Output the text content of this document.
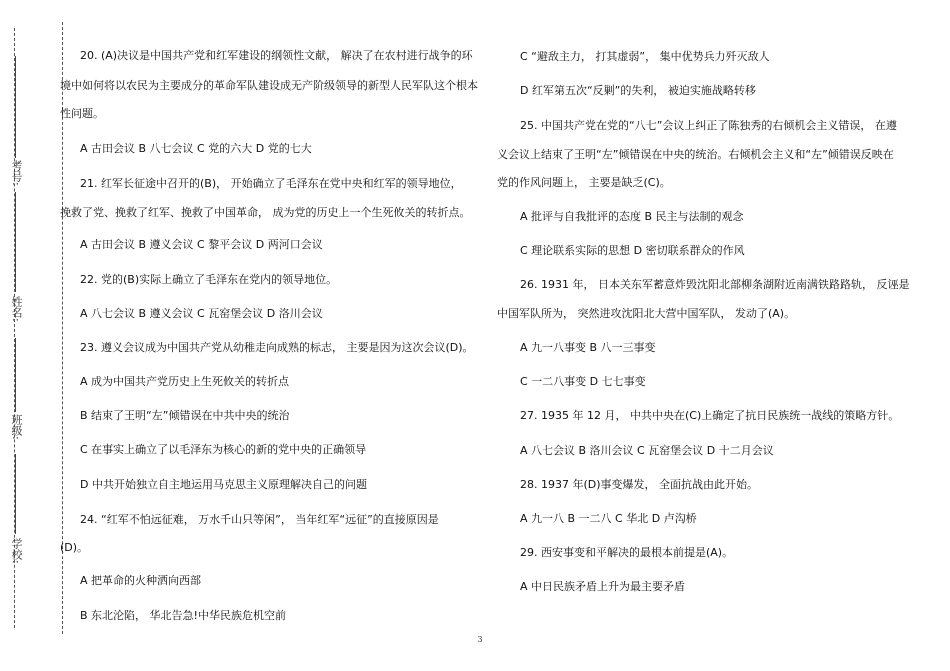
考号:
姓名:
班级:
学校:
20. (A)决议是中国共产党和红军建设的纲领性文献， 解决了在农村进行战争的环
境中如何将以农民为主要成分的革命军队建设成无产阶级领导的新型人民军队这个根本
性问题。
A 古田会议 B 八七会议 C 党的六大 D 党的七大
21. 红军长征途中召开的(B)， 开始确立了毛泽东在党中央和红军的领导地位，
挽救了党、挽救了红军、挽救了中国革命， 成为党的历史上一个生死攸关的转折点。
A 古田会议 B 遵义会议 C 黎平会议 D 两河口会议
22. 党的(B)实际上确立了毛泽东在党内的领导地位。
A 八七会议 B 遵义会议 C 瓦窑堡会议 D 洛川会议
23. 遵义会议成为中国共产党从幼稚走向成熟的标志， 主要是因为这次会议(D)。
A 成为中国共产党历史上生死攸关的转折点
B 结束了王明“左”倾错误在中共中央的统治
C 在事实上确立了以毛泽东为核心的新的党中央的正确领导
D 中共开始独立自主地运用马克思主义原理解决自己的问题
24. “红军不怕远征难， 万水千山只等闲”， 当年红军“远征”的直接原因是
(D)。
A 把革命的火种洒向西部
B 东北沦陷， 华北告急!中华民族危机空前
C “避敌主力， 打其虚弱”， 集中优势兵力歼灭敌人
D 红军第五次“反剿”的失利， 被迫实施战略转移
25. 中国共产党在党的“八七”会议上纠正了陈独秀的右倾机会主义错误， 在遵
义会议上结束了王明“左”倾错误在中央的统治。右倾机会主义和“左”倾错误反映在
党的作风问题上， 主要是缺乏(C)。
A 批评与自我批评的态度 B 民主与法制的观念
C 理论联系实际的思想 D 密切联系群众的作风
26. 1931 年， 日本关东军蓄意炸毁沈阳北部柳条湖附近南满铁路路轨， 反诬是
中国军队所为， 突然进攻沈阳北大营中国军队， 发动了(A)。
A 九一八事变 B 八一三事变
C 一二八事变 D 七七事变
27. 1935 年 12 月， 中共中央在(C)上确定了抗日民族统一战线的策略方针。
A 八七会议 B 洛川会议 C 瓦窑堡会议 D 十二月会议
28. 1937 年(D)事变爆发， 全面抗战由此开始。
A 九一八 B 一二八 C 华北 D 卢沟桥
29. 西安事变和平解决的最根本前提是(A)。
A 中日民族矛盾上升为最主要矛盾
3
